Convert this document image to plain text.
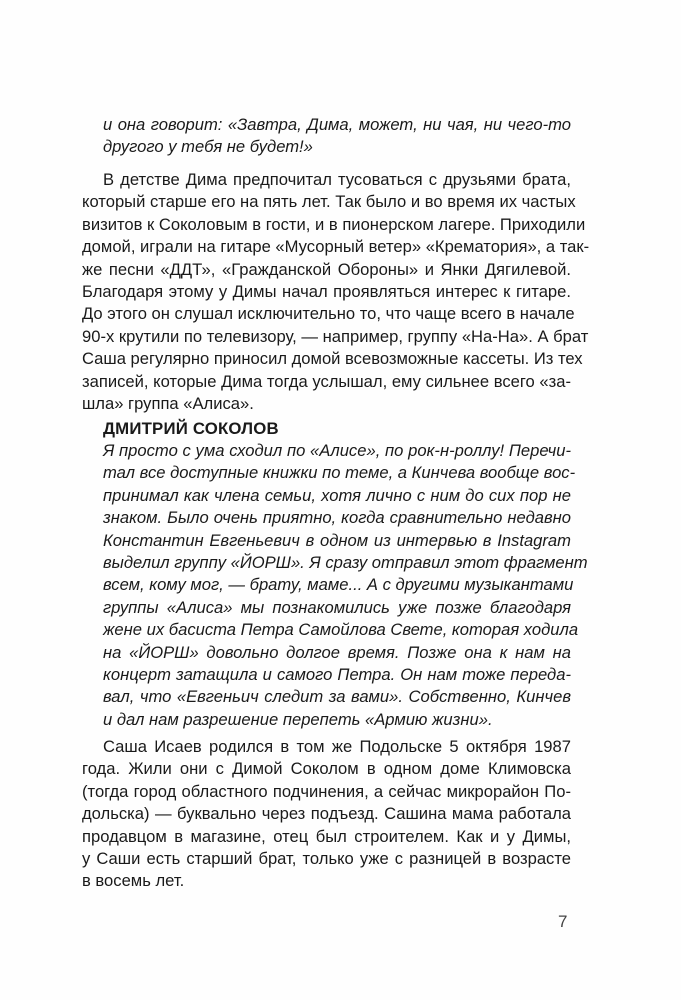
и она говорит: «Завтра, Дима, может, ни чая, ни чего-то
другого у тебя не будет!»

В детстве Дима предпочитал тусоваться с друзьями брата,
который старше его на пять лет. Так было и во время их частых
визитов к Соколовым в гости, и в пионерском лагере. Приходили
домой, играли на гитаре «Мусорный ветер» «Крематория», а так-
же песни «ДДТ», «Гражданской Обороны» и Янки Дягилевой.
Благодаря этому у Димы начал проявляться интерес к гитаре.
До этого он слушал исключительно то, что чаще всего в начале
90-х крутили по телевизору, — например, группу «На-На». А брат
Саша регулярно приносил домой всевозможные кассеты. Из тех
записей, которые Дима тогда услышал, ему сильнее всего «за-
шла» группа «Алиса».

ДМИТРИЙ СОКОЛОВ

Я просто с ума сходил по «Алисе», по рок-н-роллу! Перечи-
тал все доступные книжки по теме, а Кинчева вообще вос-
принимал как члена семьи, хотя лично с ним до сих пор не
знаком. Было очень приятно, когда сравнительно недавно
Константин Евгеньевич в одном из интервью в Instagram
выделил группу «ЙОРШ». Я сразу отправил этот фрагмент
всем, кому мог, — брату, маме... А с другими музыкантами
группы «Алиса» мы познакомились уже позже благодаря
жене их басиста Петра Самойлова Свете, которая ходила
на «ЙОРШ» довольно долгое время. Позже она к нам на
концерт затащила и самого Петра. Он нам тоже переда-
вал, что «Евгеньич следит за вами». Собственно, Кинчев
и дал нам разрешение перепеть «Армию жизни».

Саша Исаев родился в том же Подольске 5 октября 1987
года. Жили они с Димой Соколом в одном доме Климовска
(тогда город областного подчинения, а сейчас микрорайон По-
дольска) — буквально через подъезд. Сашина мама работала
продавцом в магазине, отец был строителем. Как и у Димы,
у Саши есть старший брат, только уже с разницей в возрасте
в восемь лет.

7
